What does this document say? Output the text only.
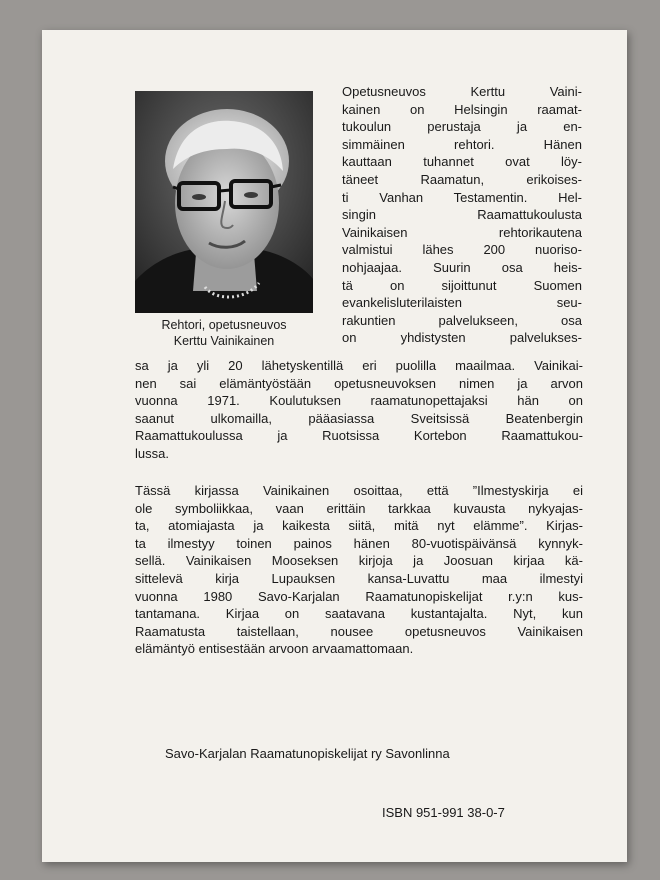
Rehtori, opetusneuvos
Kerttu Vainikainen
Opetusneuvos Kerttu Vaini-
kainen on Helsingin raamat-
tukoulun perustaja ja en-
simmäinen rehtori. Hänen
kauttaan tuhannet ovat löy-
täneet Raamatun, erikoises-
ti Vanhan Testamentin. Hel-
singin Raamattukoulusta
Vainikaisen rehtorikautena
valmistui lähes 200 nuoriso-
nohjaajaa. Suurin osa heis-
tä on sijoittunut Suomen
evankelisluterilaisten seu-
rakuntien palvelukseen, osa
on yhdistysten palvelukses-
sa ja yli 20 lähetyskentillä eri puolilla maailmaa. Vainikai-
nen sai elämäntyöstään opetusneuvoksen nimen ja arvon
vuonna 1971. Koulutuksen raamatunopettajaksi hän on
saanut ulkomailla, pääasiassa Sveitsissä Beatenbergin
Raamattukoulussa ja Ruotsissa Kortebon Raamattukou-
lussa.
Tässä kirjassa Vainikainen osoittaa, että ”Ilmestyskirja ei
ole symboliikkaa, vaan erittäin tarkkaa kuvausta nykyajas-
ta, atomiajasta ja kaikesta siitä, mitä nyt elämme”. Kirjas-
ta ilmestyy toinen painos hänen 80-vuotispäivänsä kynnyk-
sellä. Vainikaisen Mooseksen kirjoja ja Joosuan kirjaa kä-
sittelevä kirja Lupauksen kansa-Luvattu maa ilmestyi
vuonna 1980 Savo-Karjalan Raamatunopiskelijat r.y:n kus-
tantamana. Kirjaa on saatavana kustantajalta. Nyt, kun
Raamatusta taistellaan, nousee opetusneuvos Vainikaisen
elämäntyö entisestään arvoon arvaamattomaan.
Savo-Karjalan Raamatunopiskelijat ry Savonlinna
ISBN 951-991 38-0-7
